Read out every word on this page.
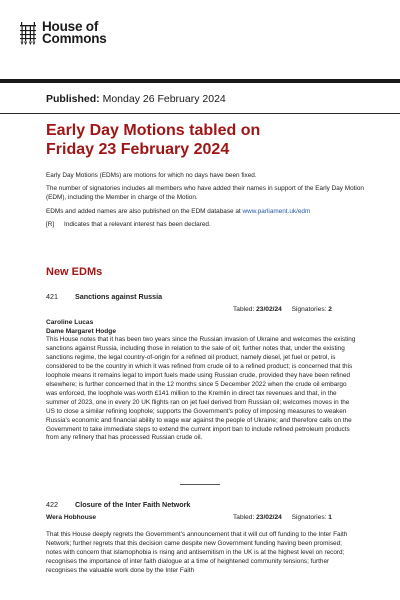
House of
Commons
Published: Monday 26 February 2024
Early Day Motions tabled on
Friday 23 February 2024

Early Day Motions (EDMs) are motions for which no days have been fixed.

The number of signatories includes all members who have added their names in support of the Early Day Motion (EDM), including the Member in charge of the Motion.

EDMs and added names are also published on the EDM database at www.parliament.uk/edm

[R] Indicates that a relevant interest has been declared.

New EDMs
421 Sanctions against Russia
Tabled: 23/02/24 Signatories: 2
Caroline Lucas
Dame Margaret Hodge
This House notes that it has been two years since the Russian invasion of Ukraine and welcomes the existing sanctions against Russia, including those in relation to the sale of oil; further notes that, under the existing sanctions regime, the legal country-of-origin for a refined oil product, namely diesel, jet fuel or petrol, is considered to be the country in which it was refined from crude oil to a refined product; is concerned that this loophole means it remains legal to import fuels made using Russian crude, provided they have been refined elsewhere; is further concerned that in the 12 months since 5 December 2022 when the crude oil embargo was enforced, the loophole was worth £141 million to the Kremlin in direct tax revenues and that, in the summer of 2023, one in every 20 UK flights ran on jet fuel derived from Russian oil; welcomes moves in the US to close a similar refining loophole; supports the Government's policy of imposing measures to weaken Russia's economic and financial ability to wage war against the people of Ukraine; and therefore calls on the Government to take immediate steps to extend the current import ban to include refined petroleum products from any refinery that has processed Russian crude oil.
422 Closure of the Inter Faith Network
Wera Hobhouse	Tabled: 23/02/24 Signatories: 1
That this House deeply regrets the Government's announcement that it will cut off funding to the Inter Faith Network; further regrets that this decision came despite new Government funding having been promised; notes with concern that islamophobia is rising and antisemitism in the UK is at the highest level on record; recognises the importance of inter faith dialogue at a time of heightened community tensions; further recognises the valuable work done by the Inter Faith
